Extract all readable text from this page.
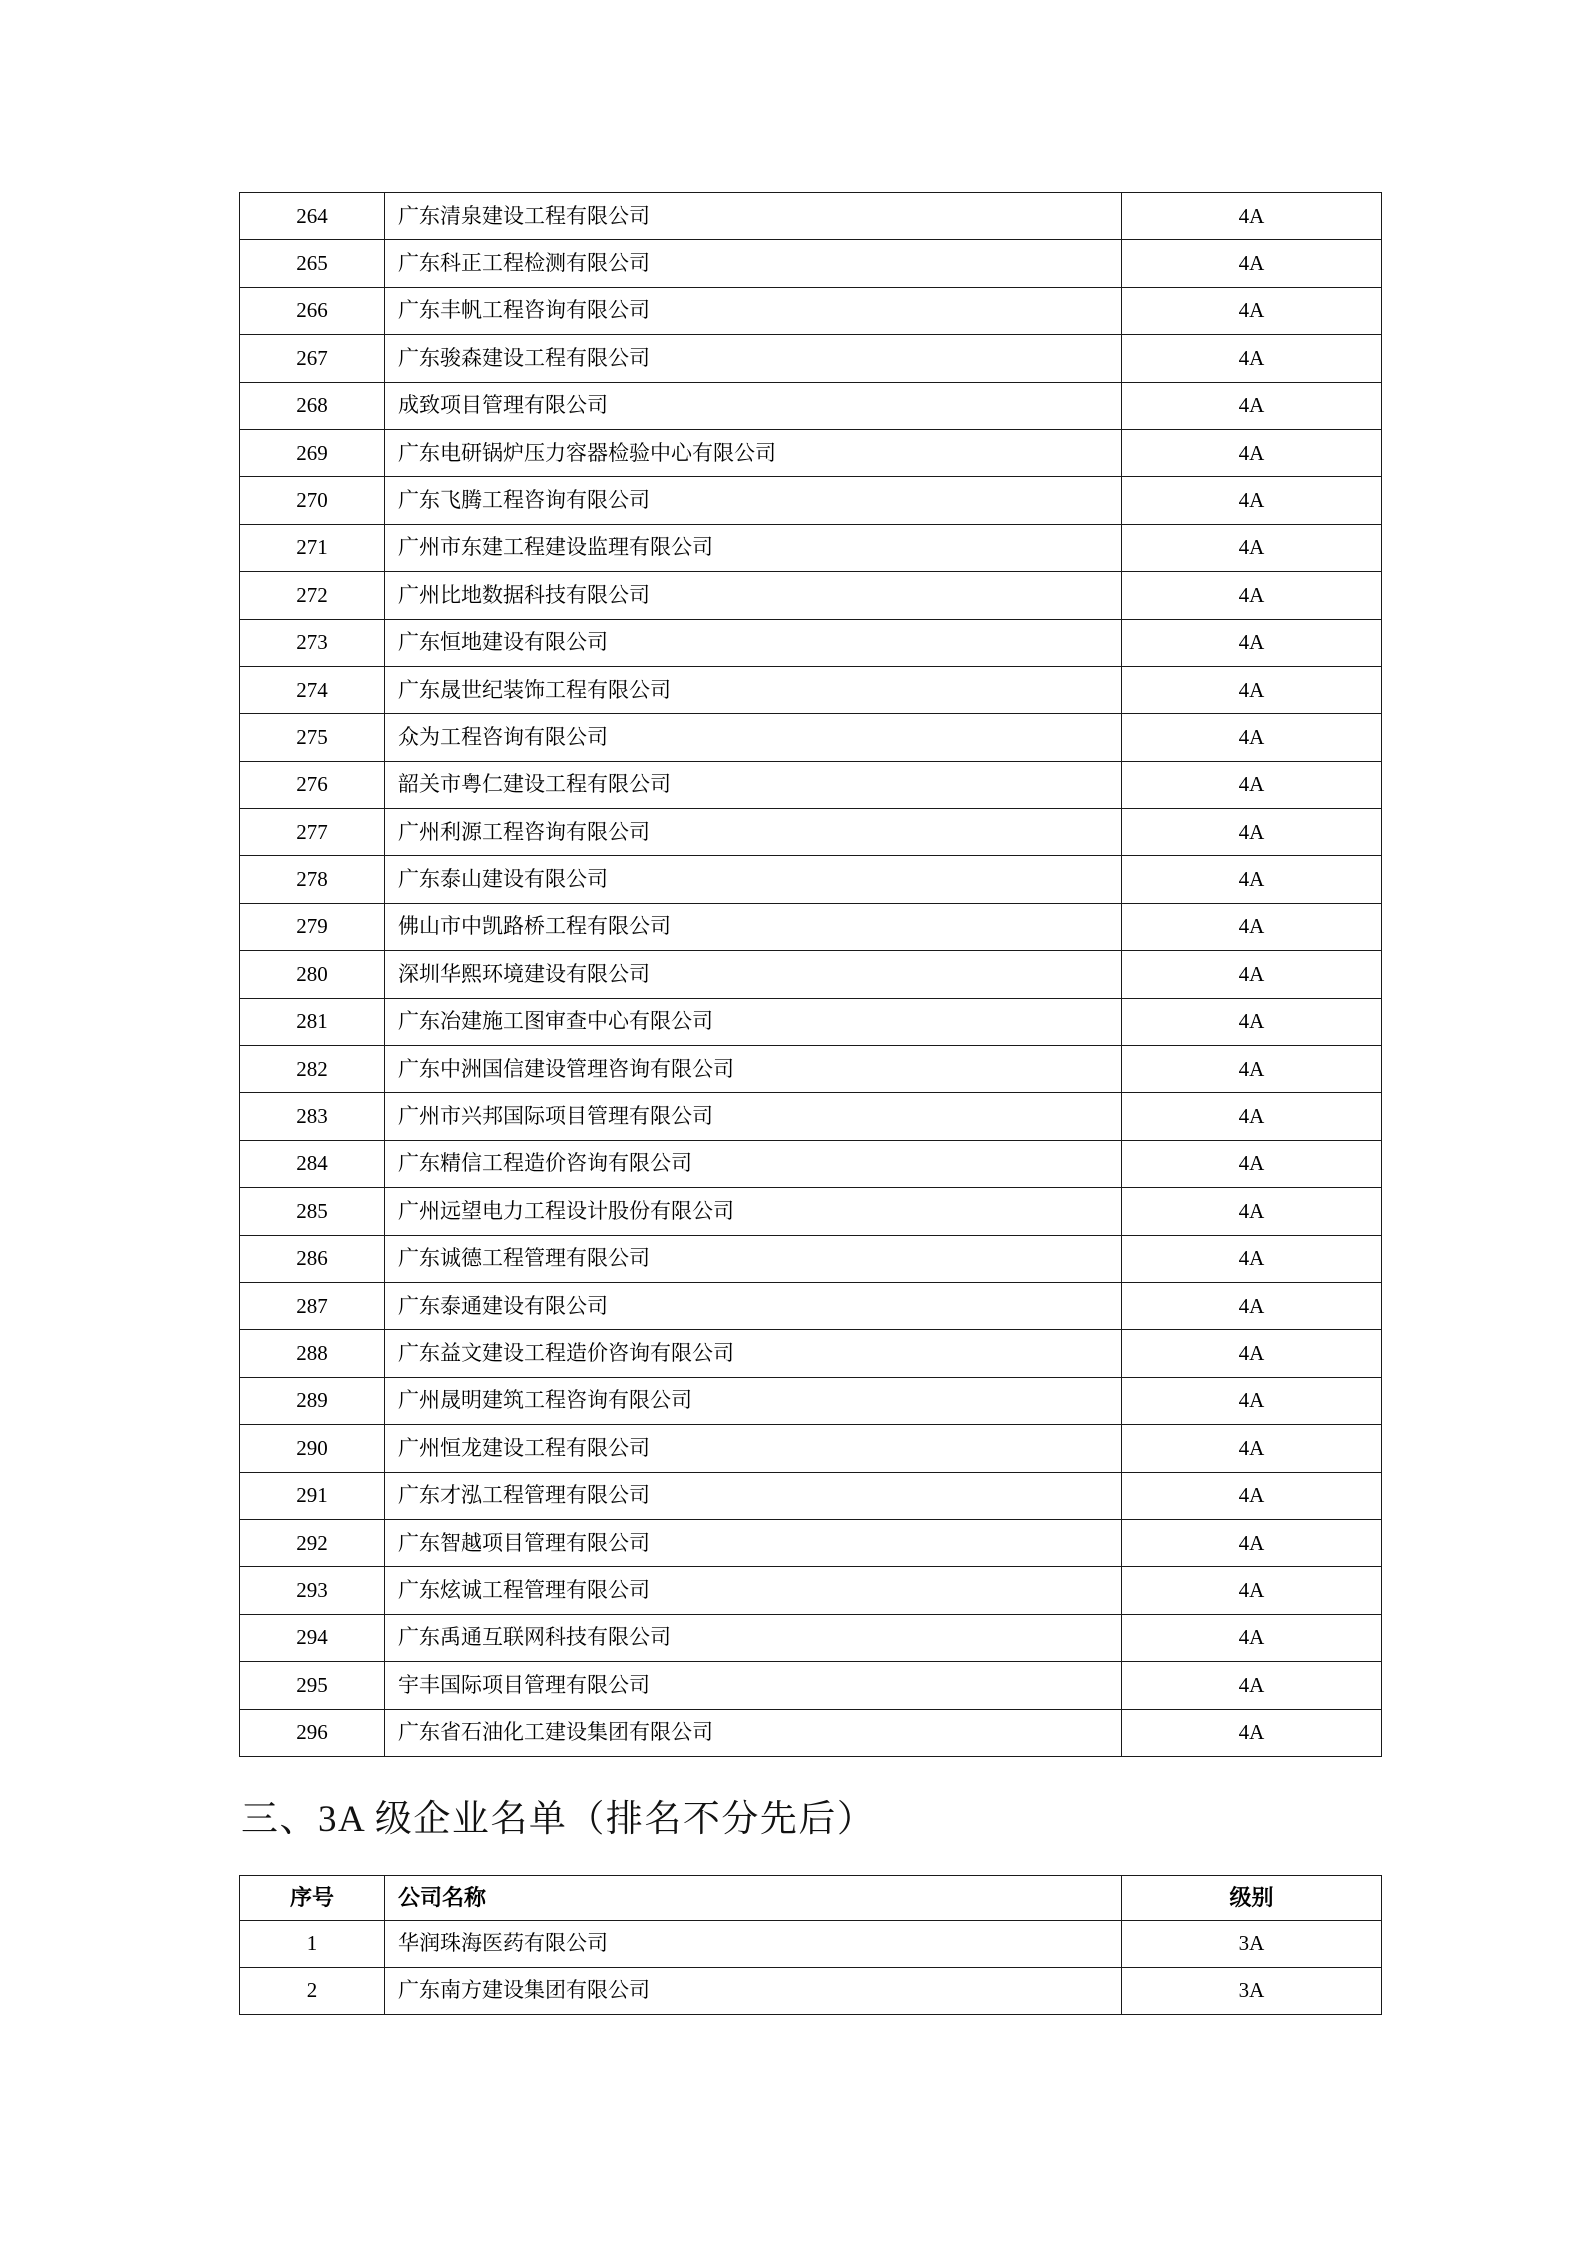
264	广东清泉建设工程有限公司	4A
265	广东科正工程检测有限公司	4A
266	广东丰帆工程咨询有限公司	4A
267	广东骏森建设工程有限公司	4A
268	成致项目管理有限公司	4A
269	广东电研锅炉压力容器检验中心有限公司	4A
270	广东飞腾工程咨询有限公司	4A
271	广州市东建工程建设监理有限公司	4A
272	广州比地数据科技有限公司	4A
273	广东恒地建设有限公司	4A
274	广东晟世纪装饰工程有限公司	4A
275	众为工程咨询有限公司	4A
276	韶关市粤仁建设工程有限公司	4A
277	广州利源工程咨询有限公司	4A
278	广东泰山建设有限公司	4A
279	佛山市中凯路桥工程有限公司	4A
280	深圳华熙环境建设有限公司	4A
281	广东冶建施工图审查中心有限公司	4A
282	广东中洲国信建设管理咨询有限公司	4A
283	广州市兴邦国际项目管理有限公司	4A
284	广东精信工程造价咨询有限公司	4A
285	广州远望电力工程设计股份有限公司	4A
286	广东诚德工程管理有限公司	4A
287	广东泰通建设有限公司	4A
288	广东益文建设工程造价咨询有限公司	4A
289	广州晟明建筑工程咨询有限公司	4A
290	广州恒龙建设工程有限公司	4A
291	广东才泓工程管理有限公司	4A
292	广东智越项目管理有限公司	4A
293	广东炫诚工程管理有限公司	4A
294	广东禹通互联网科技有限公司	4A
295	宇丰国际项目管理有限公司	4A
296	广东省石油化工建设集团有限公司	4A
三、3A 级企业名单（排名不分先后）
序号	公司名称	级别
1	华润珠海医药有限公司	3A
2	广东南方建设集团有限公司	3A
